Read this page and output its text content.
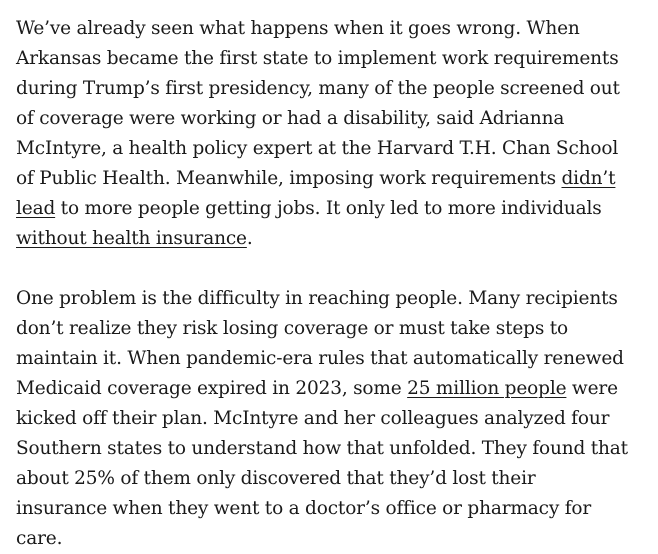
We’ve already seen what happens when it goes wrong. When Arkansas became the first state to implement work requirements during Trump’s first presidency, many of the people screened out of coverage were working or had a disability, said Adrianna McIntyre, a health policy expert at the Harvard T.H. Chan School of Public Health. Meanwhile, imposing work requirements didn’t lead to more people getting jobs. It only led to more individuals without health insurance.

One problem is the difficulty in reaching people. Many recipients don’t realize they risk losing coverage or must take steps to maintain it. When pandemic-era rules that automatically renewed Medicaid coverage expired in 2023, some 25 million people were kicked off their plan. McIntyre and her colleagues analyzed four Southern states to understand how that unfolded. They found that about 25% of them only discovered that they’d lost their insurance when they went to a doctor’s office or pharmacy for care.
